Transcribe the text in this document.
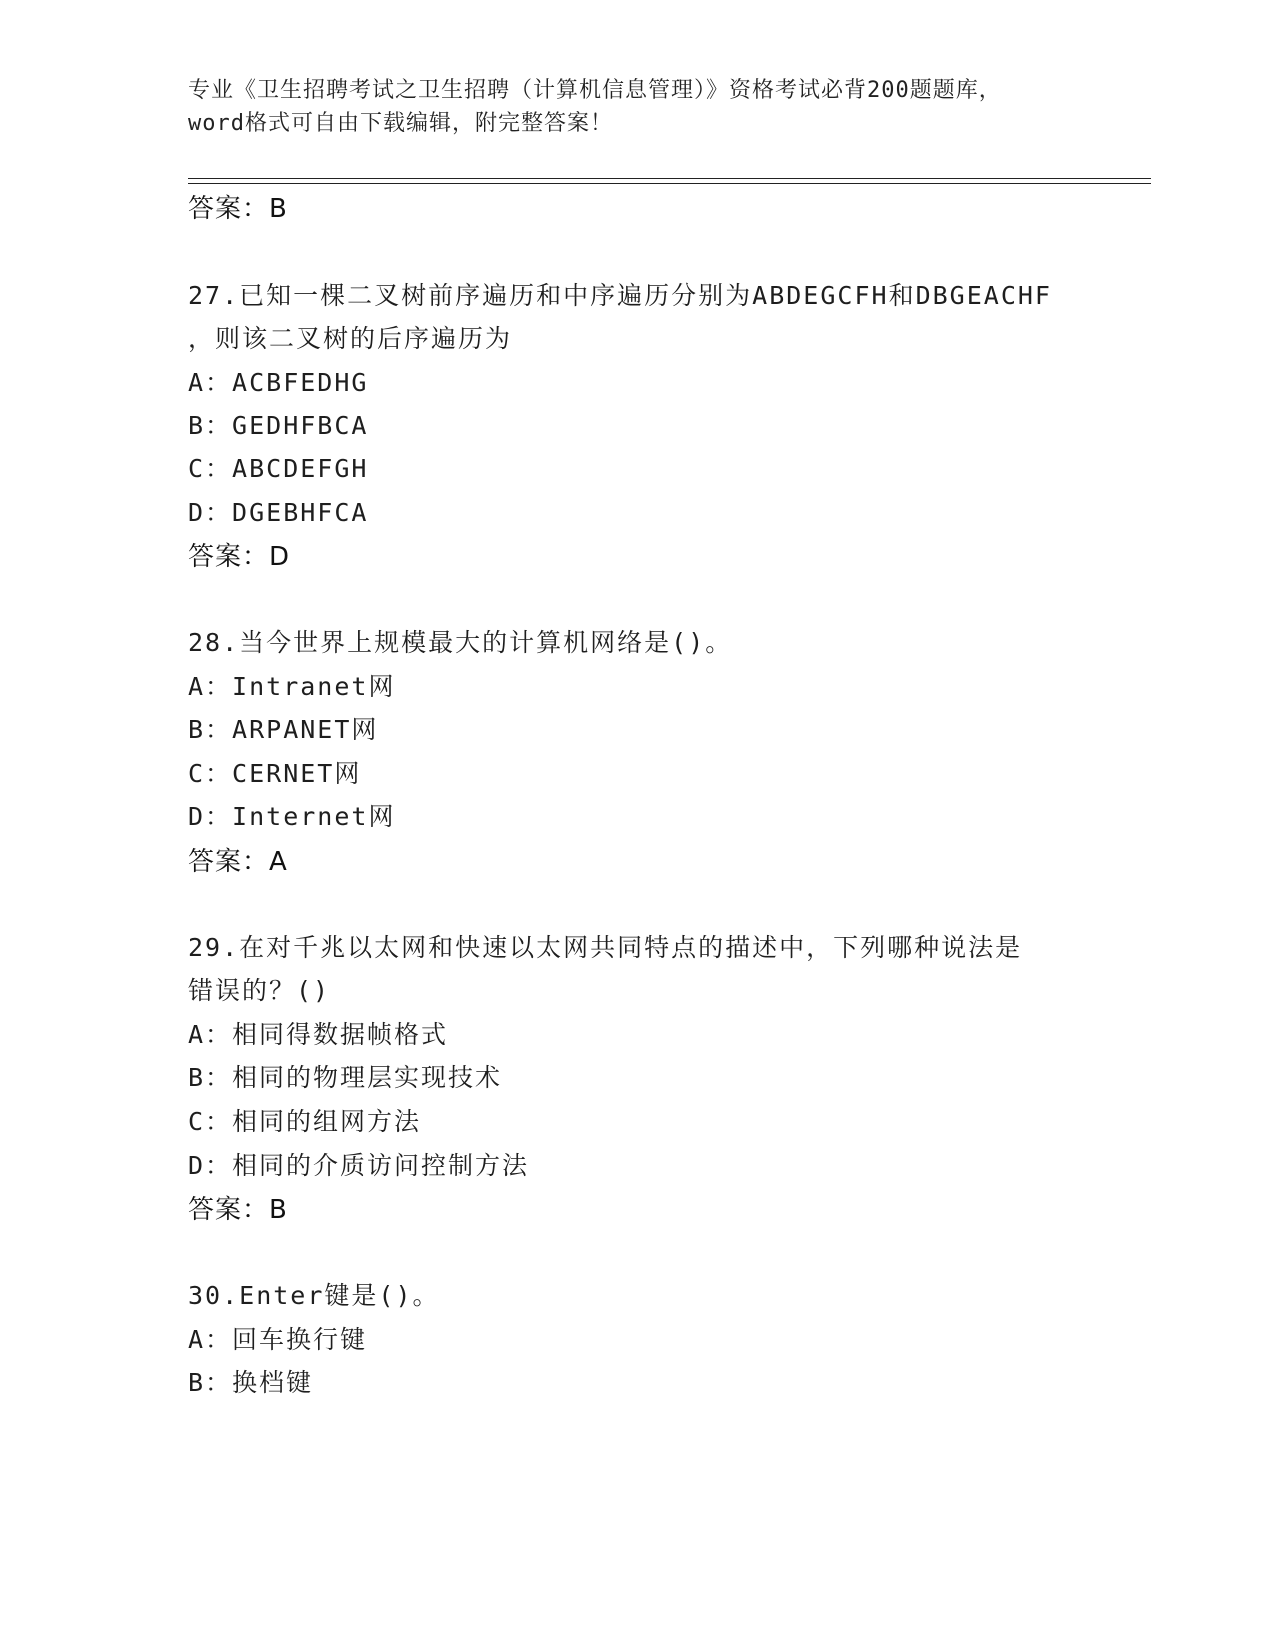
专业《卫生招聘考试之卫生招聘（计算机信息管理）》资格考试必背200题题库，
word格式可自由下载编辑，附完整答案！
答案：B
27.已知一棵二叉树前序遍历和中序遍历分别为ABDEGCFH和DBGEACHF
，则该二叉树的后序遍历为
A：ACBFEDHG
B：GEDHFBCA
C：ABCDEFGH
D：DGEBHFCA
答案：D
28.当今世界上规模最大的计算机网络是()。
A：Intranet网
B：ARPANET网
C：CERNET网
D：Internet网
答案：A
29.在对千兆以太网和快速以太网共同特点的描述中，下列哪种说法是
错误的？()
A：相同得数据帧格式
B：相同的物理层实现技术
C：相同的组网方法
D：相同的介质访问控制方法
答案：B
30.Enter键是()。
A：回车换行键
B：换档键
